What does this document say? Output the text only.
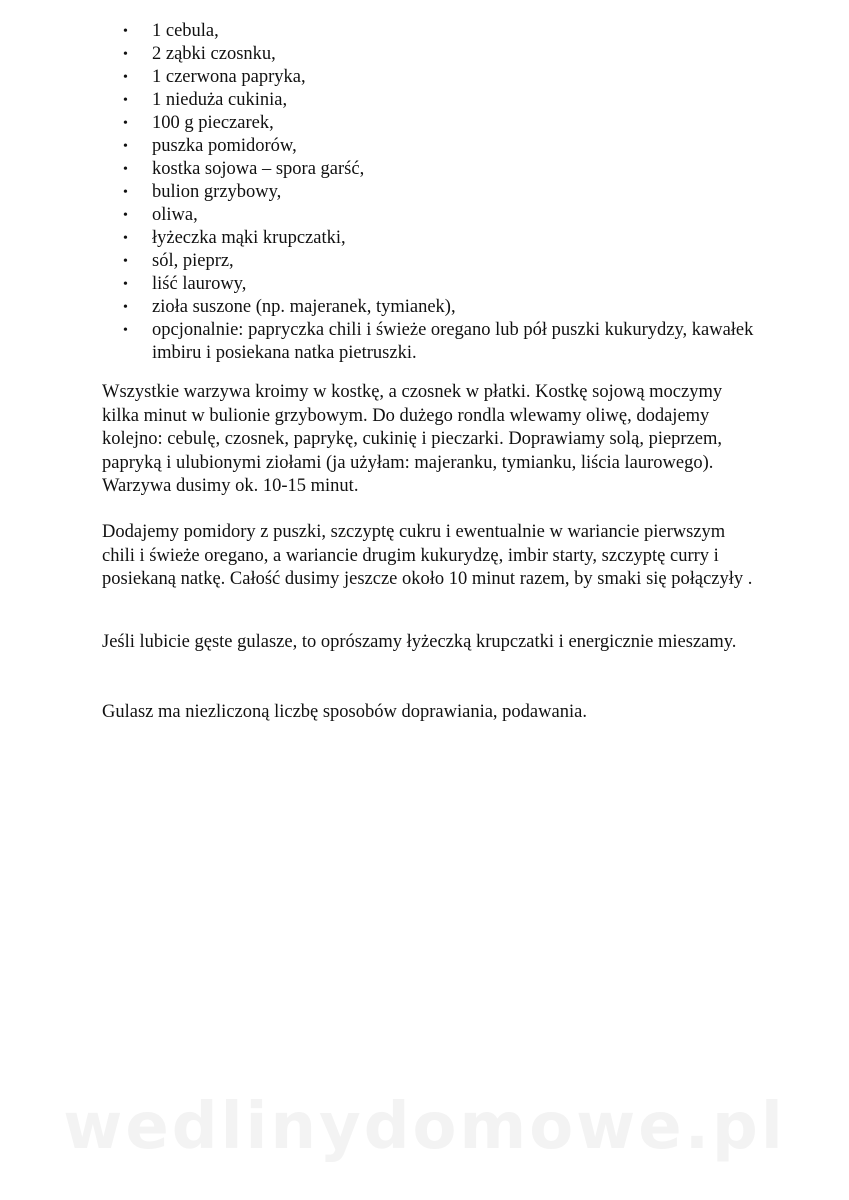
• 1 cebula,
• 2 ząbki czosnku,
• 1 czerwona papryka,
• 1 nieduża cukinia,
• 100 g pieczarek,
• puszka pomidorów,
• kostka sojowa – spora garść,
• bulion grzybowy,
• oliwa,
• łyżeczka mąki krupczatki,
• sól, pieprz,
• liść laurowy,
• zioła suszone (np. majeranek, tymianek),
• opcjonalnie: papryczka chili i świeże oregano lub pół puszki kukurydzy, kawałek imbiru i posiekana natka pietruszki.

Wszystkie warzywa kroimy w kostkę, a czosnek w płatki. Kostkę sojową moczymy kilka minut w bulionie grzybowym. Do dużego rondla wlewamy oliwę, dodajemy kolejno: cebulę, czosnek, paprykę, cukinię i pieczarki. Doprawiamy solą, pieprzem, papryką i ulubionymi ziołami (ja użyłam: majeranku, tymianku, liścia laurowego). Warzywa dusimy ok. 10-15 minut.

Dodajemy pomidory z puszki, szczyptę cukru i ewentualnie w wariancie pierwszym chili i świeże oregano, a wariancie drugim kukurydzę, imbir starty, szczyptę curry i posiekaną natkę. Całość dusimy jeszcze około 10 minut razem, by smaki się połączyły .

Jeśli lubicie gęste gulasze, to oprószamy łyżeczką krupczatki i energicznie mieszamy.

Gulasz ma niezliczoną liczbę sposobów doprawiania, podawania.

wedlinydomowe.pl
